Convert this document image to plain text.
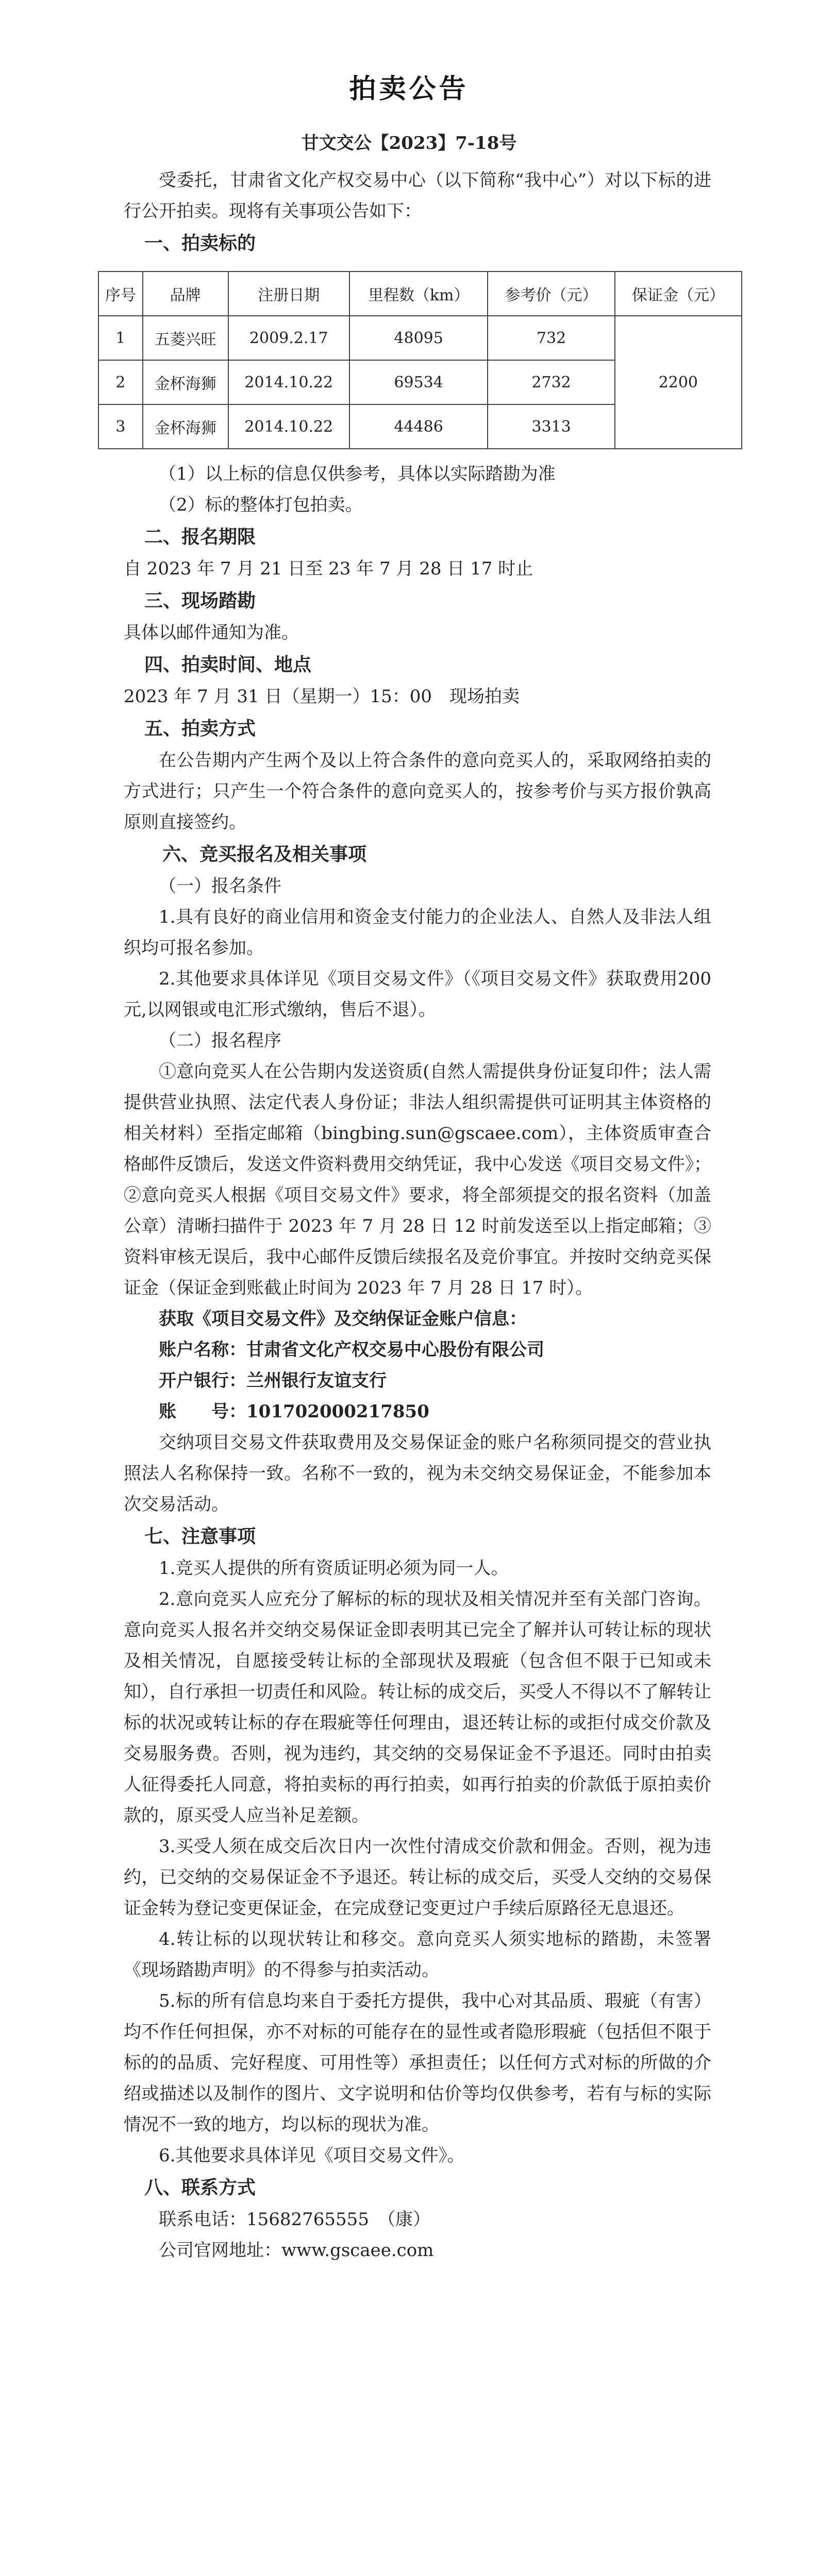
拍卖公告
甘文交公【2023】7-18号

受委托，甘肃省文化产权交易中心（以下简称“我中心”）对以下标的进行公开拍卖。现将有关事项公告如下：

一、拍卖标的

序号	品牌	注册日期	里程数（km）	参考价（元）	保证金（元）
1	五菱兴旺	2009.2.17	48095	732	2200
2	金杯海狮	2014.10.22	69534	2732	
3	金杯海狮	2014.10.22	44486	3313	

（1）以上标的信息仅供参考，具体以实际踏勘为准

（2）标的整体打包拍卖。

二、报名期限

自 2023 年 7 月 21 日至 23 年 7 月 28 日 17 时止

三、现场踏勘

具体以邮件通知为准。

四、拍卖时间、地点

2023 年 7 月 31 日（星期一）15：00　现场拍卖

五、拍卖方式

在公告期内产生两个及以上符合条件的意向竞买人的，采取网络拍卖的方式进行；只产生一个符合条件的意向竞买人的，按参考价与买方报价孰高原则直接签约。

六、竞买报名及相关事项

（一）报名条件

1.具有良好的商业信用和资金支付能力的企业法人、自然人及非法人组织均可报名参加。

2.其他要求具体详见《项目交易文件》（《项目交易文件》获取费用200元,以网银或电汇形式缴纳，售后不退）。

（二）报名程序

①意向竞买人在公告期内发送资质(自然人需提供身份证复印件；法人需提供营业执照、法定代表人身份证；非法人组织需提供可证明其主体资格的相关材料）至指定邮箱（bingbing.sun@gscaee.com），主体资质审查合格邮件反馈后，发送文件资料费用交纳凭证，我中心发送《项目交易文件》；②意向竞买人根据《项目交易文件》要求，将全部须提交的报名资料（加盖公章）清晰扫描件于 2023 年 7 月 28 日 12 时前发送至以上指定邮箱；③资料审核无误后，我中心邮件反馈后续报名及竞价事宜。并按时交纳竞买保证金（保证金到账截止时间为 2023 年 7 月 28 日 17 时）。

获取《项目交易文件》及交纳保证金账户信息：

账户名称：甘肃省文化产权交易中心股份有限公司

开户银行：兰州银行友谊支行

账　　号：101702000217850

交纳项目交易文件获取费用及交易保证金的账户名称须同提交的营业执照法人名称保持一致。名称不一致的，视为未交纳交易保证金，不能参加本次交易活动。

七、注意事项

1.竞买人提供的所有资质证明必须为同一人。

2.意向竞买人应充分了解标的标的现状及相关情况并至有关部门咨询。意向竞买人报名并交纳交易保证金即表明其已完全了解并认可转让标的现状及相关情况，自愿接受转让标的全部现状及瑕疵（包含但不限于已知或未知），自行承担一切责任和风险。转让标的成交后，买受人不得以不了解转让标的状况或转让标的存在瑕疵等任何理由，退还转让标的或拒付成交价款及交易服务费。否则，视为违约，其交纳的交易保证金不予退还。同时由拍卖人征得委托人同意，将拍卖标的再行拍卖，如再行拍卖的价款低于原拍卖价款的，原买受人应当补足差额。

3.买受人须在成交后次日内一次性付清成交价款和佣金。否则，视为违约，已交纳的交易保证金不予退还。转让标的成交后，买受人交纳的交易保证金转为登记变更保证金，在完成登记变更过户手续后原路径无息退还。

4.转让标的以现状转让和移交。意向竞买人须实地标的踏勘，未签署《现场踏勘声明》的不得参与拍卖活动。

5.标的所有信息均来自于委托方提供，我中心对其品质、瑕疵（有害）均不作任何担保，亦不对标的可能存在的显性或者隐形瑕疵（包括但不限于标的的品质、完好程度、可用性等）承担责任；以任何方式对标的所做的介绍或描述以及制作的图片、文字说明和估价等均仅供参考，若有与标的实际情况不一致的地方，均以标的现状为准。

6.其他要求具体详见《项目交易文件》。

八、联系方式

联系电话：15682765555　（康）

公司官网地址：www.gscaee.com
